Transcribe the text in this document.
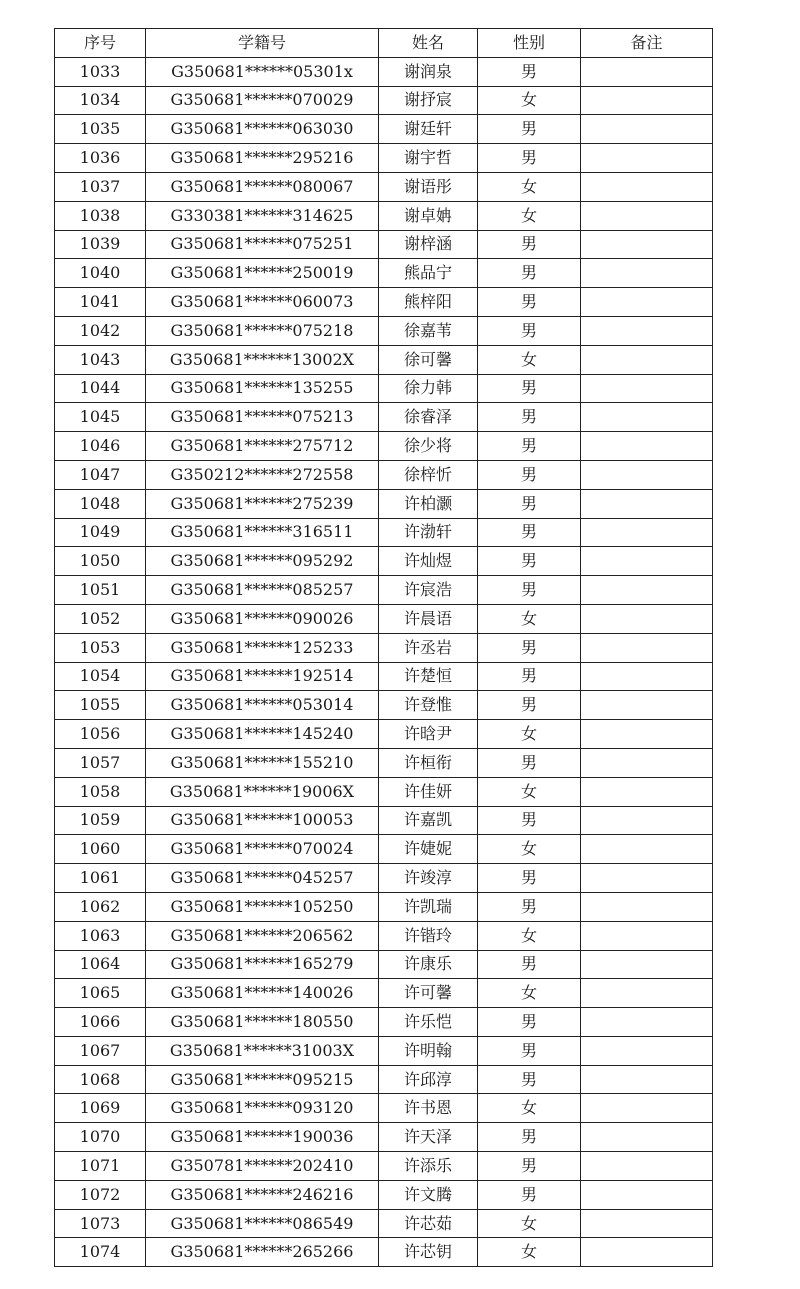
序号	学籍号	姓名	性别	备注
1033	G350681******05301x	谢润泉	男	
1034	G350681******070029	谢抒宸	女	
1035	G350681******063030	谢廷轩	男	
1036	G350681******295216	谢宇哲	男	
1037	G350681******080067	谢语彤	女	
1038	G330381******314625	谢卓姌	女	
1039	G350681******075251	谢梓涵	男	
1040	G350681******250019	熊品宁	男	
1041	G350681******060073	熊梓阳	男	
1042	G350681******075218	徐嘉苇	男	
1043	G350681******13002X	徐可馨	女	
1044	G350681******135255	徐力韩	男	
1045	G350681******075213	徐睿泽	男	
1046	G350681******275712	徐少将	男	
1047	G350212******272558	徐梓忻	男	
1048	G350681******275239	许柏灏	男	
1049	G350681******316511	许渤轩	男	
1050	G350681******095292	许灿煜	男	
1051	G350681******085257	许宸浩	男	
1052	G350681******090026	许晨语	女	
1053	G350681******125233	许丞岩	男	
1054	G350681******192514	许楚恒	男	
1055	G350681******053014	许登惟	男	
1056	G350681******145240	许晗尹	女	
1057	G350681******155210	许桓衔	男	
1058	G350681******19006X	许佳妍	女	
1059	G350681******100053	许嘉凯	男	
1060	G350681******070024	许婕妮	女	
1061	G350681******045257	许竣淳	男	
1062	G350681******105250	许凯瑞	男	
1063	G350681******206562	许锴玲	女	
1064	G350681******165279	许康乐	男	
1065	G350681******140026	许可馨	女	
1066	G350681******180550	许乐恺	男	
1067	G350681******31003X	许明翰	男	
1068	G350681******095215	许邱淳	男	
1069	G350681******093120	许书恩	女	
1070	G350681******190036	许天泽	男	
1071	G350781******202410	许添乐	男	
1072	G350681******246216	许文腾	男	
1073	G350681******086549	许芯茹	女	
1074	G350681******265266	许芯钥	女	
